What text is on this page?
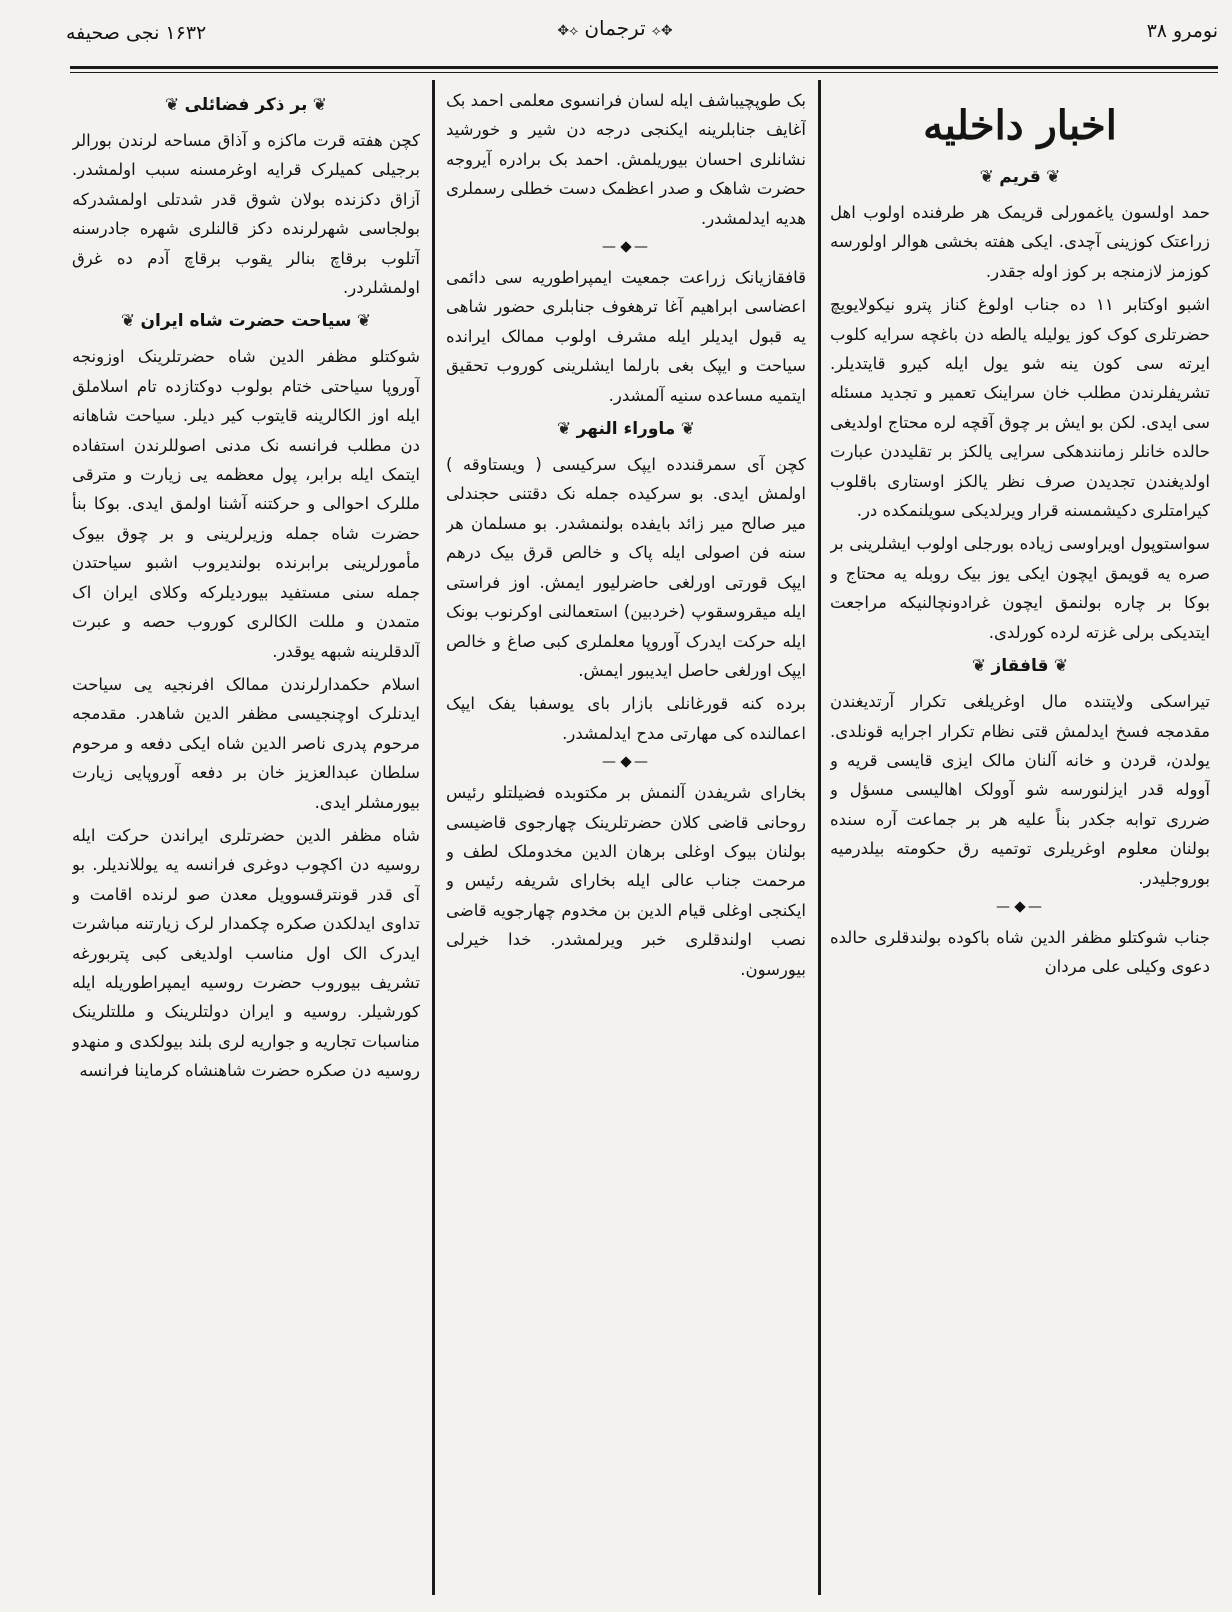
۱۶۳۲ نجی صحیفه	✥⟡ترجمان⟡✥	نومرو ۳۸
اخبار داخلیه
❦ قریم ❦

حمد اولسون یاغمورلی قریمک هر طرفنده اولوب اهل زراعتک کوزینی آچدی. ایکی هفته بخشی هوالر اولورسه کوزمز لازمنجه بر کوز اوله جقدر.

اشبو اوکتابر ۱۱ ده جناب اولوغ کناز پترو نیکولایویچ حضرتلری کوک کوز یولیله یالطه دن باغچه سرایه کلوب ایرته سی کون ینه شو یول ایله کیرو قایتدیلر. تشریفلرندن مطلب خان سراینک تعمیر و تجدید مسئله سی ایدی. لکن بو ایش بر چوق آقچه لره محتاج اولدیغی حالده خانلر زمانندهکی سرایی یالکز بر تقلیددن عبارت اولدیغندن تجدیدن صرف نظر یالکز اوستاری باقلوب کیرامتلری دکیشمسنه قرار ویرلدیکی سویلنمکده در.

سواستوپول اویراوسی زیاده بورجلی اولوب ایشلرینی بر صره یه قویمق ایچون ایکی یوز بیک روبله یه محتاج و بوکا بر چاره بولنمق ایچون غرادونچالنیکه مراجعت ایتدیکی برلی غزته لرده کورلدی.

❦ قافقاز ❦

تیراسکی ولایتنده مال اوغریلغی تکرار آرتدیغندن مقدمجه فسخ ایدلمش قتی نظام تکرار اجرایه قونلدی. یولدن، قردن و خانه آلنان مالک ایزی قایسی قریه و آووله قدر ایزلنورسه شو آوولک اهالیسی مسؤل و ضرری توابه جکدر بناً علیه هر بر جماعت آره سنده بولنان معلوم اوغریلری توتمیه رق حکومته بیلدرمیه بوروجلیدر.

——

جناب شوکتلو مظفر الدین شاه باکوده بولندقلری حالده دعوی وکیلی علی مردان

بک طوپچیباشف ایله لسان فرانسوی معلمی احمد بک آغایف جنابلرینه ایکنجی درجه دن شیر و خورشید نشانلری احسان بیوریلمش. احمد بک برادره آیروجه حضرت شاهک و صدر اعظمک دست خطلی رسملری هدیه ایدلمشدر.

——

قافقازیانک زراعت جمعیت ایمپراطوریه سی دائمی اعضاسی ابراهیم آغا ترهغوف جنابلری حضور شاهی یه قبول ایدیلر ایله مشرف اولوب ممالک ایرانده سیاحت و ایپک بغی بارلما ایشلرینی کوروب تحقیق ایتمیه مساعده سنیه آلمشدر.

❦ ماوراء النهر ❦

کچن آی سمرقندده ایپک سرکیسی ( ویستاوقه ) اولمش ایدی. بو سرکیده جمله نک دقتنی حجندلی میر صالح میر زائد بایفده بولنمشدر. بو مسلمان هر سنه فن اصولی ایله پاک و خالص قرق بیک درهم ایپک قورتی اورلغی حاضرلیور ایمش. اوز فراستی ایله میقروسقوپ (خردبین) استعمالنی اوکرنوب بونک ایله حرکت ایدرک آوروپا معلملری کبی صاغ و خالص ایپک اورلغی حاصل ایدیبور ایمش.

برده کنه قورغانلی بازار بای یوسفبا یفک ایپک اعمالنده کی مهارتی مدح ایدلمشدر.

——

بخارای شریفدن آلنمش بر مکتوبده فضیلتلو رئیس روحانی قاضی کلان حضرتلرینک چهارجوی قاضیسی بولنان بیوک اوغلی برهان الدین مخدوملک لطف و مرحمت جناب عالی ایله بخارای شریفه رئیس و ایکنجی اوغلی قیام الدین بن مخدوم چهارجویه قاضی نصب اولندقلری خبر ویرلمشدر. خدا خیرلی بیورسون.

❦ بر ذکر فضائلی ❦

کچن هفته قرت ماکزه و آذاق مساحه لرندن بورالر برجیلی کمیلرک قرایه اوغرمسنه سبب اولمشدر. آزاق دکزنده بولان شوق قدر شدتلی اولمشدرکه بولجاسی شهرلرنده دکز قالنلری شهره جادرسنه آتلوب برقاچ بنالر یقوب برقاچ آدم ده غرق اولمشلردر.

❦ سیاحت حضرت شاه ایران ❦

شوکتلو مظفر الدین شاه حضرتلرینک اوزونجه آوروپا سیاحتی ختام بولوب دوکتازده تام اسلاملق ایله اوز الکالرینه قایتوب کیر دیلر. سیاحت شاهانه دن مطلب فرانسه نک مدنی اصوللرندن استفاده ایتمک ایله برابر، پول معظمه یی زیارت و مترقی مللرک احوالی و حرکتنه آشنا اولمق ایدی. بوکا بنأ حضرت شاه جمله وزیرلرینی و بر چوق بیوک مأمورلرینی برابرنده بولندیروب اشبو سیاحتدن جمله سنی مستفید بیوردیلرکه وکلای ایران اک متمدن و مللت الکالری کوروب حصه و عبرت آلدقلرینه شبهه یوقدر.

اسلام حکمدارلرندن ممالک افرنجیه یی سیاحت ایدنلرک اوچنجیسی مظفر الدین شاهدر. مقدمجه مرحوم پدری ناصر الدین شاه ایکی دفعه و مرحوم سلطان عبدالعزیز خان بر دفعه آوروپایی زیارت بیورمشلر ایدی.

شاه مظفر الدین حضرتلری ایراندن حرکت ایله روسیه دن اکچوب دوغری فرانسه یه یوللاندیلر. بو آی قدر قونترقسوویل معدن صو لرنده اقامت و تداوی ایدلکدن صکره چکمدار لرک زیارتنه مباشرت ایدرک الک اول مناسب اولدیغی کبی پتربورغه تشریف بیوروب حضرت روسیه ایمپراطوریله ایله کورشیلر. روسیه و ایران دولتلرینک و مللتلرینک مناسبات تجاریه و جواریه لری بلند بیولکدی و منهدو روسیه دن صکره حضرت شاهنشاه کرماینا فرانسه
